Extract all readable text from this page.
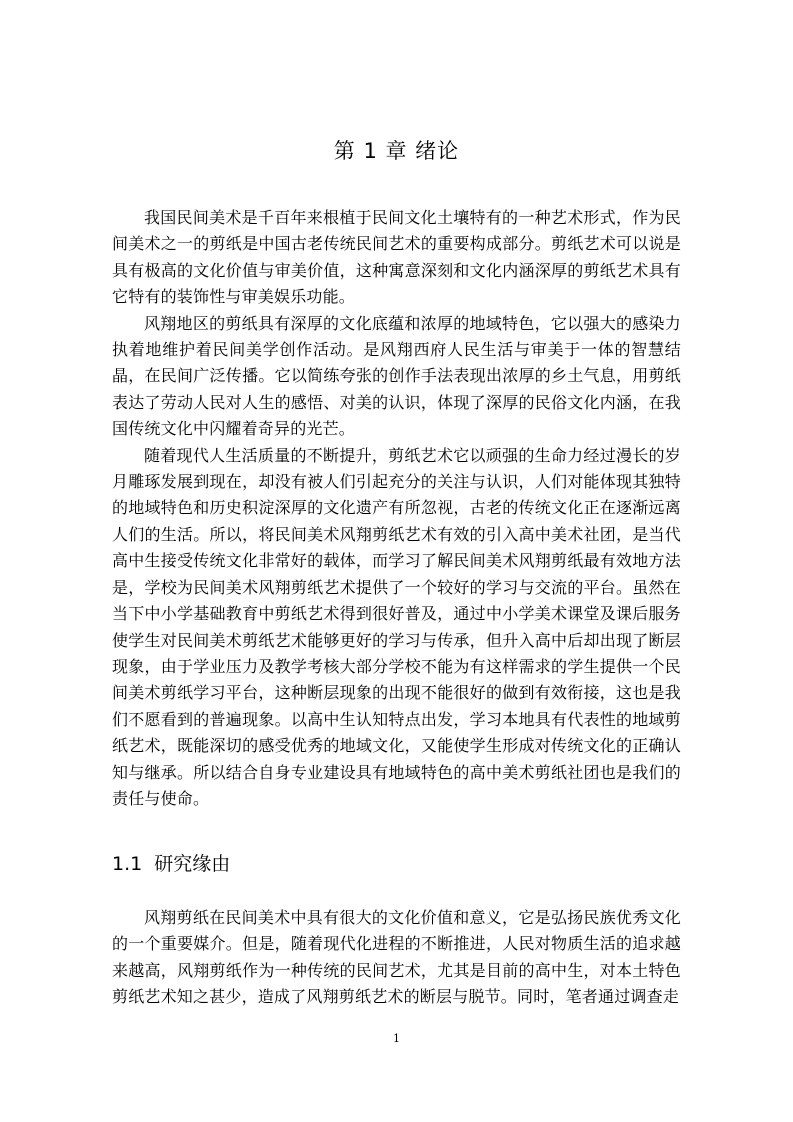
第 1 章 绪论

我国民间美术是千百年来根植于民间文化土壤特有的一种艺术形式，作为民间美术之一的剪纸是中国古老传统民间艺术的重要构成部分。剪纸艺术可以说是具有极高的文化价值与审美价值，这种寓意深刻和文化内涵深厚的剪纸艺术具有它特有的装饰性与审美娱乐功能。

风翔地区的剪纸具有深厚的文化底蕴和浓厚的地域特色，它以强大的感染力执着地维护着民间美学创作活动。是风翔西府人民生活与审美于一体的智慧结晶，在民间广泛传播。它以简练夸张的创作手法表现出浓厚的乡土气息，用剪纸表达了劳动人民对人生的感悟、对美的认识，体现了深厚的民俗文化内涵，在我国传统文化中闪耀着奇异的光芒。

随着现代人生活质量的不断提升，剪纸艺术它以顽强的生命力经过漫长的岁月雕琢发展到现在，却没有被人们引起充分的关注与认识，人们对能体现其独特的地域特色和历史积淀深厚的文化遗产有所忽视，古老的传统文化正在逐渐远离人们的生活。所以，将民间美术风翔剪纸艺术有效的引入高中美术社团，是当代高中生接受传统文化非常好的载体，而学习了解民间美术风翔剪纸最有效地方法是，学校为民间美术风翔剪纸艺术提供了一个较好的学习与交流的平台。虽然在当下中小学基础教育中剪纸艺术得到很好普及，通过中小学美术课堂及课后服务使学生对民间美术剪纸艺术能够更好的学习与传承，但升入高中后却出现了断层现象，由于学业压力及教学考核大部分学校不能为有这样需求的学生提供一个民间美术剪纸学习平台，这种断层现象的出现不能很好的做到有效衔接，这也是我们不愿看到的普遍现象。以高中生认知特点出发，学习本地具有代表性的地域剪纸艺术，既能深切的感受优秀的地域文化，又能使学生形成对传统文化的正确认知与继承。所以结合自身专业建设具有地域特色的高中美术剪纸社团也是我们的责任与使命。

1.1 研究缘由

风翔剪纸在民间美术中具有很大的文化价值和意义，它是弘扬民族优秀文化的一个重要媒介。但是，随着现代化进程的不断推进，人民对物质生活的追求越来越高，风翔剪纸作为一种传统的民间艺术，尤其是目前的高中生，对本土特色剪纸艺术知之甚少，造成了风翔剪纸艺术的断层与脱节。同时，笔者通过调查走

1
